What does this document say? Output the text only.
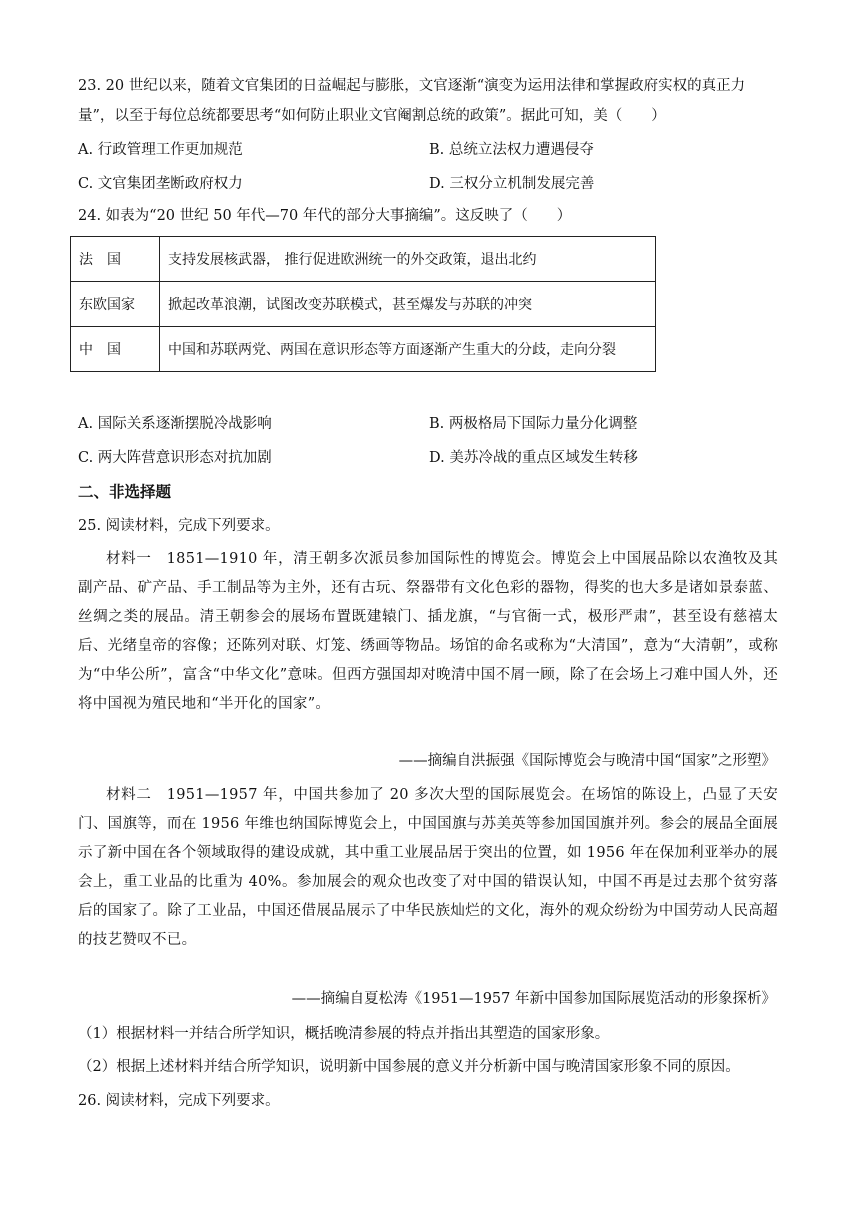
23. 20 世纪以来，随着文官集团的日益崛起与膨胀，文官逐渐“演变为运用法律和掌握政府实权的真正力
量”，以至于每位总统都要思考“如何防止职业文官阉割总统的政策”。据此可知，美（　　）
A. 行政管理工作更加规范	B. 总统立法权力遭遇侵夺
C. 文官集团垄断政府权力	D. 三权分立机制发展完善
24. 如表为“20 世纪 50 年代—70 年代的部分大事摘编”。这反映了（　　）
法　国	支持发展核武器， 推行促进欧洲统一的外交政策，退出北约
东欧国家	掀起改革浪潮，试图改变苏联模式，甚至爆发与苏联的冲突
中　国	中国和苏联两党、两国在意识形态等方面逐渐产生重大的分歧，走向分裂
A. 国际关系逐渐摆脱冷战影响	B. 两极格局下国际力量分化调整
C. 两大阵营意识形态对抗加剧	D. 美苏冷战的重点区域发生转移
二、非选择题
25. 阅读材料，完成下列要求。
材料一　1851—1910 年，清王朝多次派员参加国际性的博览会。博览会上中国展品除以农渔牧及其副产品、矿产品、手工制品等为主外，还有古玩、祭器带有文化色彩的器物，得奖的也大多是诸如景泰蓝、丝绸之类的展品。清王朝参会的展场布置既建辕门、插龙旗，“与官衙一式，极形严肃”，甚至设有慈禧太后、光绪皇帝的容像；还陈列对联、灯笼、绣画等物品。场馆的命名或称为“大清国”，意为“大清朝”，或称为“中华公所”，富含“中华文化”意味。但西方强国却对晚清中国不屑一顾，除了在会场上刁难中国人外，还将中国视为殖民地和“半开化的国家”。
——摘编自洪振强《国际博览会与晚清中国“国家”之形塑》
材料二　1951—1957 年，中国共参加了 20 多次大型的国际展览会。在场馆的陈设上，凸显了天安门、国旗等，而在 1956 年维也纳国际博览会上，中国国旗与苏美英等参加国国旗并列。参会的展品全面展示了新中国在各个领域取得的建设成就，其中重工业展品居于突出的位置，如 1956 年在保加利亚举办的展会上，重工业品的比重为 40%。参加展会的观众也改变了对中国的错误认知，中国不再是过去那个贫穷落后的国家了。除了工业品，中国还借展品展示了中华民族灿烂的文化，海外的观众纷纷为中国劳动人民高超的技艺赞叹不已。
——摘编自夏松涛《1951—1957 年新中国参加国际展览活动的形象探析》
（1）根据材料一并结合所学知识，概括晚清参展的特点并指出其塑造的国家形象。
（2）根据上述材料并结合所学知识，说明新中国参展的意义并分析新中国与晚清国家形象不同的原因。
26. 阅读材料，完成下列要求。
